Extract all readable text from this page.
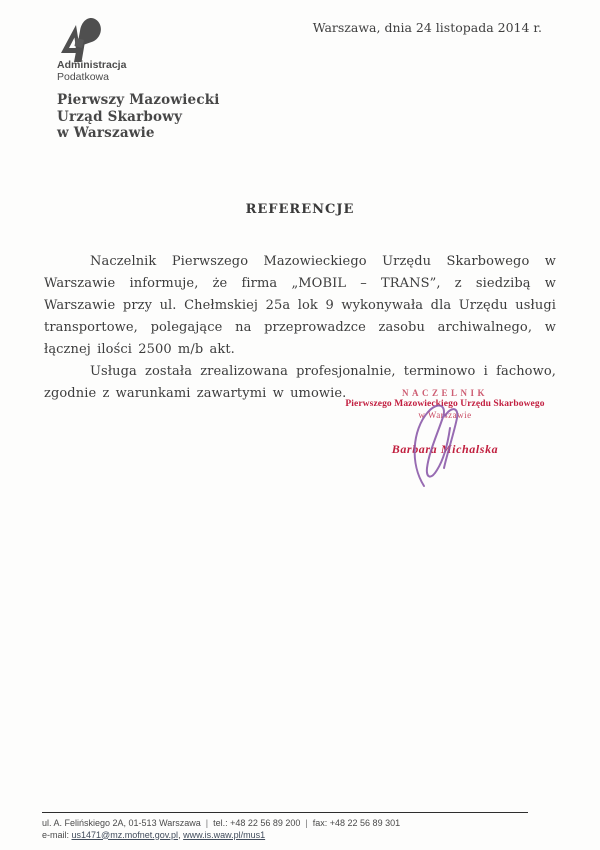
Administracja
Podatkowa
Pierwszy Mazowiecki
Urząd Skarbowy
w Warszawie
Warszawa, dnia 24 listopada 2014 r.
REFERENCJE

Naczelnik Pierwszego Mazowieckiego Urzędu Skarbowego w Warszawie informuje, że firma „MOBIL – TRANS”, z siedzibą w Warszawie przy ul. Chełmskiej 25a lok 9 wykonywała dla Urzędu usługi transportowe, polegające na przeprowadzce zasobu archiwalnego, w łącznej ilości 2500 m/b akt.

Usługa została zrealizowana profesjonalnie, terminowo i fachowo, zgodnie z warunkami zawartymi w umowie.	NACZELNIK
Pierwszego Mazowieckiego Urzędu Skarbowego
w Warszawie
Barbara Michalska
ul. A. Felińskiego 2A, 01-513 Warszawa | tel.: +48 22 56 89 200 | fax: +48 22 56 89 301
e-mail: us1471@mz.mofnet.gov.pl, www.is.waw.pl/mus1
